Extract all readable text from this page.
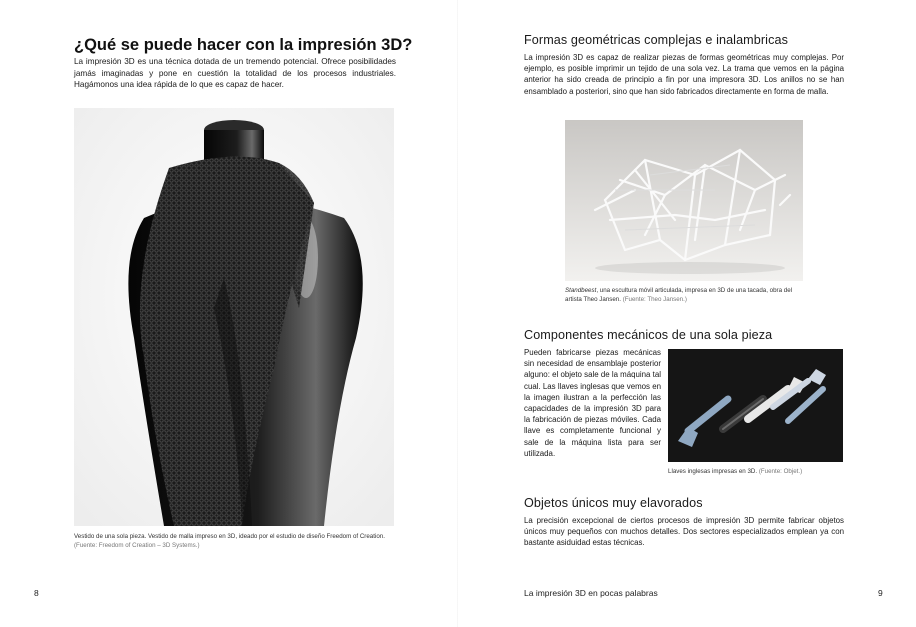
¿Qué se puede hacer con la impresión 3D?

La impresión 3D es una técnica dotada de un tremendo potencial. Ofrece posibilidades jamás imaginadas y pone en cuestión la totalidad de los procesos industriales. Hagámonos una idea rápida de lo que es capaz de hacer.

Vestido de una sola pieza. Vestido de malla impreso en 3D, ideado por el estudio de diseño Freedom of Creation.
(Fuente: Freedom of Creation – 3D Systems.)

8
Formas geométricas complejas e inalambricas

La impresión 3D es capaz de realizar piezas de formas geométricas muy complejas. Por ejemplo, es posible imprimir un tejido de una sola vez. La trama que vemos en la página anterior ha sido creada de principio a fin por una impresora 3D. Los anillos no se han ensamblado a posteriori, sino que han sido fabricados directamente en forma de malla.

Standbeest, una escultura móvil articulada, impresa en 3D de una tacada, obra del artista Theo Jansen. (Fuente: Theo Jansen.)

Componentes mecánicos de una sola pieza

Pueden fabricarse piezas mecánicas sin necesidad de ensamblaje posterior alguno: el objeto sale de la máquina tal cual. Las llaves inglesas que vemos en la imagen ilustran a la perfección las capacidades de la impresión 3D para la fabricación de piezas móviles. Cada llave es completamente funcional y sale de la máquina lista para ser utilizada.

Llaves inglesas impresas en 3D. (Fuente: Objet.)

Objetos únicos muy elavorados

La precisión excepcional de ciertos procesos de impresión 3D permite fabricar objetos únicos muy pequeños con muchos detalles. Dos sectores especializados emplean ya con bastante asiduidad estas técnicas.

La impresión 3D en pocas palabras	9
